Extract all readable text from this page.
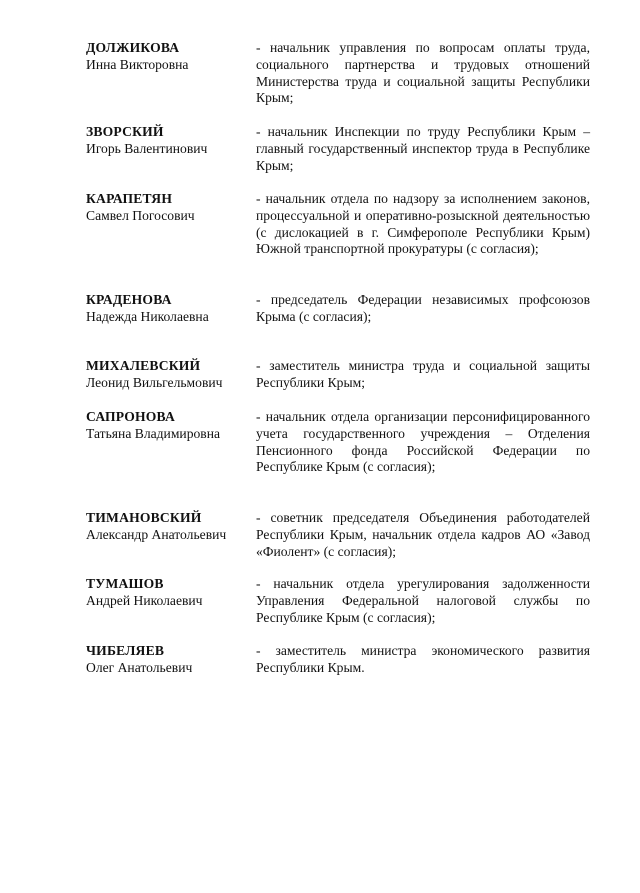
ДОЛЖИКОВА
Инна Викторовна
- начальник управления по вопросам оплаты труда, социального партнерства и трудовых отношений Министерства труда и социальной защиты Республики Крым;
ЗВОРСКИЙ
Игорь Валентинович
- начальник Инспекции по труду Республики Крым – главный государственный инспектор труда в Республике Крым;
КАРАПЕТЯН
Самвел Погосович
- начальник отдела по надзору за исполнением законов, процессуальной и оперативно-розыскной деятельностью (с дислокацией в г. Симферополе Республики Крым) Южной транспортной прокуратуры (с согласия);
КРАДЕНОВА
Надежда Николаевна
- председатель Федерации независимых профсоюзов Крыма (с согласия);
МИХАЛЕВСКИЙ
Леонид Вильгельмович
- заместитель министра труда и социальной защиты Республики Крым;
САПРОНОВА
Татьяна Владимировна
- начальник отдела организации персонифицированного учета государственного учреждения – Отделения Пенсионного фонда Российской Федерации по Республике Крым (с согласия);
ТИМАНОВСКИЙ
Александр Анатольевич
- советник председателя Объединения работодателей Республики Крым, начальник отдела кадров АО «Завод «Фиолент» (с согласия);
ТУМАШОВ
Андрей Николаевич
- начальник отдела урегулирования задолженности Управления Федеральной налоговой службы по Республике Крым (с согласия);
ЧИБЕЛЯЕВ
Олег Анатольевич
- заместитель министра экономического развития Республики Крым.
